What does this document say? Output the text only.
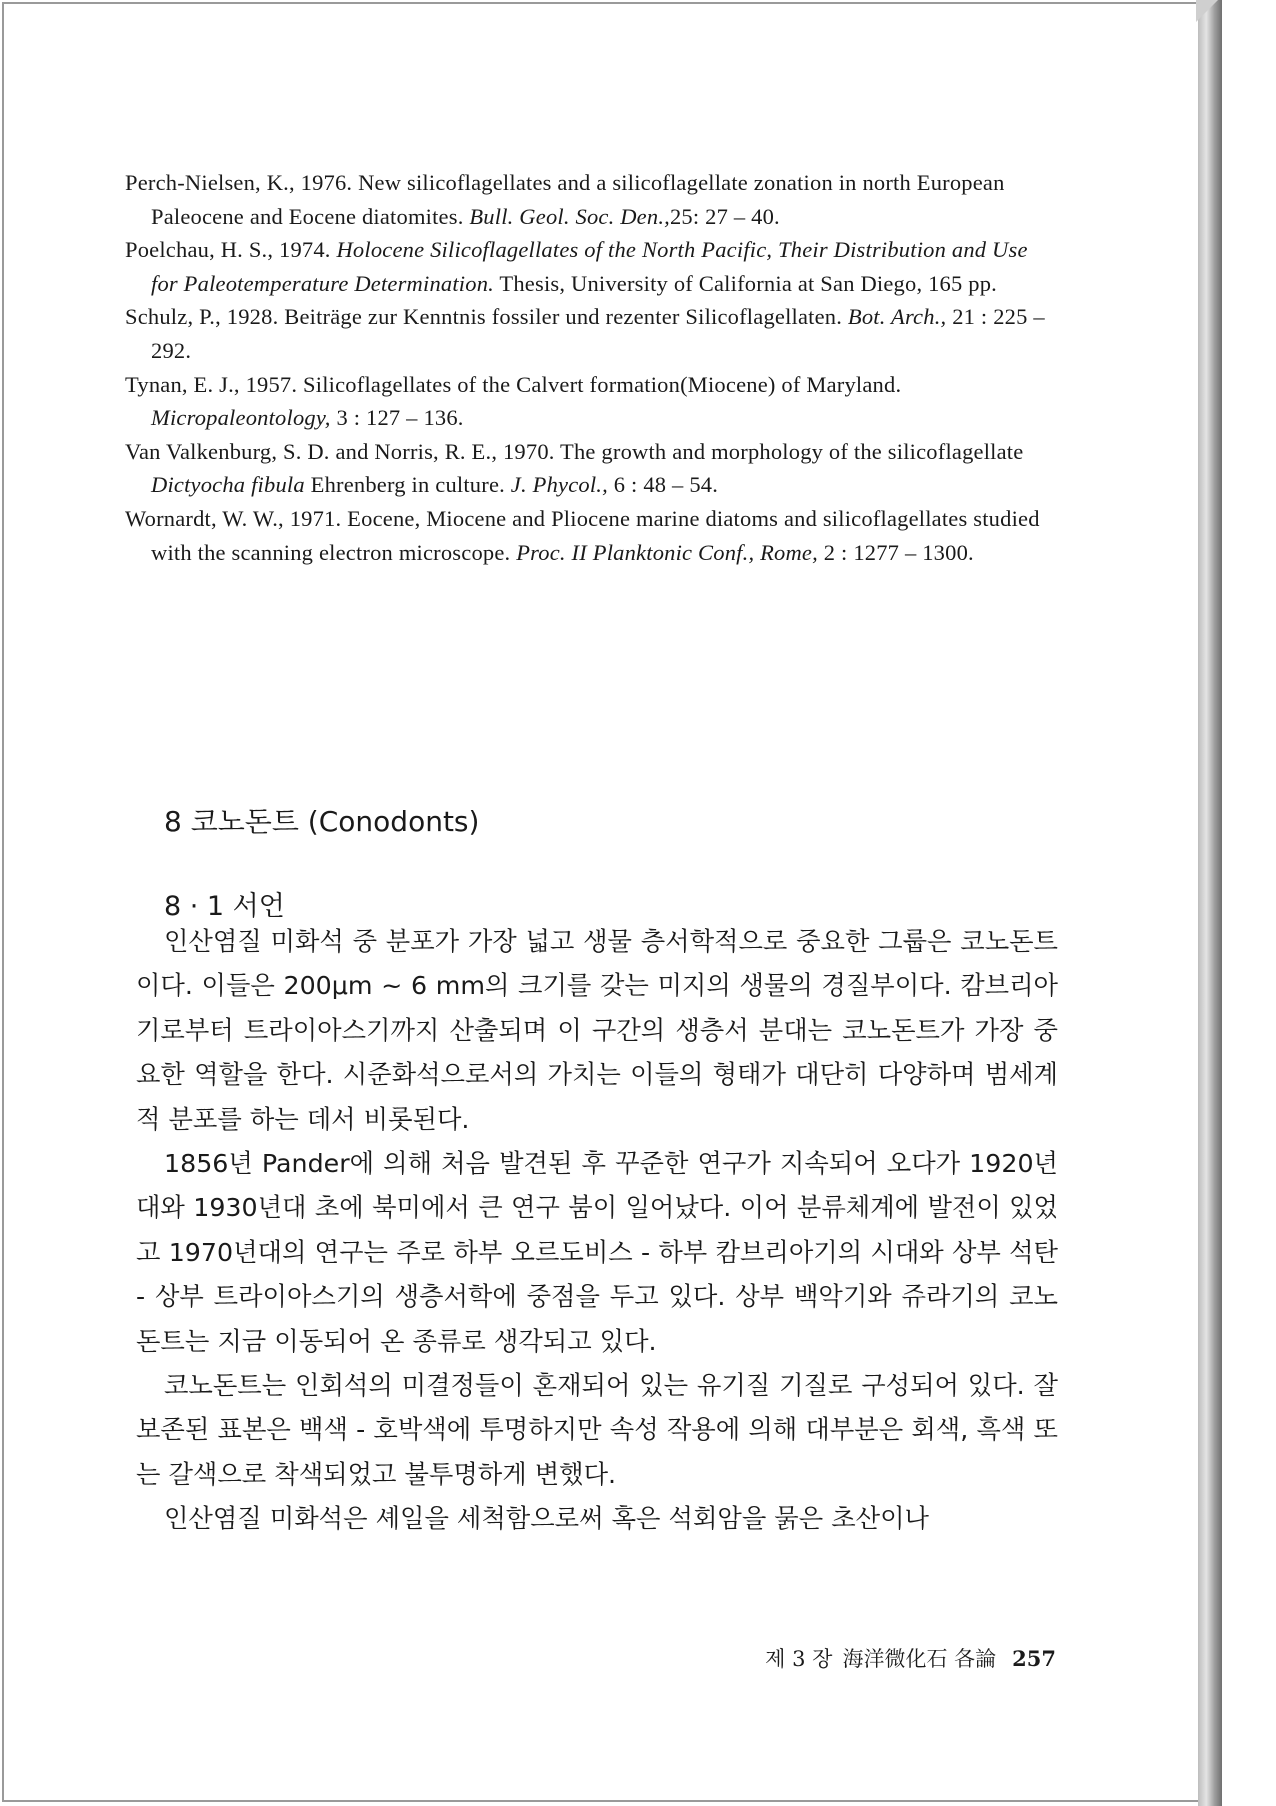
Perch-Nielsen, K., 1976. New silicoflagellates and a silicoflagellate zonation in north European Paleocene and Eocene diatomites. Bull. Geol. Soc. Den.,25: 27 – 40.

Poelchau, H. S., 1974. Holocene Silicoflagellates of the North Pacific, Their Distribution and Use for Paleotemperature Determination. Thesis, University of California at San Diego, 165 pp.

Schulz, P., 1928. Beiträge zur Kenntnis fossiler und rezenter Silicoflagellaten. Bot. Arch., 21 : 225 – 292.

Tynan, E. J., 1957. Silicoflagellates of the Calvert formation(Miocene) of Maryland. Micropaleontology, 3 : 127 – 136.

Van Valkenburg, S. D. and Norris, R. E., 1970. The growth and morphology of the silicoflagellate Dictyocha fibula Ehrenberg in culture. J. Phycol., 6 : 48 – 54.

Wornardt, W. W., 1971. Eocene, Miocene and Pliocene marine diatoms and silicoflagellates studied with the scanning electron microscope. Proc. II Planktonic Conf., Rome, 2 : 1277 – 1300.

8 코노돈트 (Conodonts)
8 · 1 서언

인산염질 미화석 중 분포가 가장 넓고 생물 층서학적으로 중요한 그룹은 코노돈트이다. 이들은 200μm ~ 6 mm의 크기를 갖는 미지의 생물의 경질부이다. 캄브리아기로부터 트라이아스기까지 산출되며 이 구간의 생층서 분대는 코노돈트가 가장 중요한 역할을 한다. 시준화석으로서의 가치는 이들의 형태가 대단히 다양하며 범세계적 분포를 하는 데서 비롯된다.

1856년 Pander에 의해 처음 발견된 후 꾸준한 연구가 지속되어 오다가 1920년대와 1930년대 초에 북미에서 큰 연구 붐이 일어났다. 이어 분류체계에 발전이 있었고 1970년대의 연구는 주로 하부 오르도비스 - 하부 캄브리아기의 시대와 상부 석탄 - 상부 트라이아스기의 생층서학에 중점을 두고 있다. 상부 백악기와 쥬라기의 코노돈트는 지금 이동되어 온 종류로 생각되고 있다.

코노돈트는 인회석의 미결정들이 혼재되어 있는 유기질 기질로 구성되어 있다. 잘 보존된 표본은 백색 - 호박색에 투명하지만 속성 작용에 의해 대부분은 회색, 흑색 또는 갈색으로 착색되었고 불투명하게 변했다.

인산염질 미화석은 셰일을 세척함으로써 혹은 석회암을 묽은 초산이나

제 3 장 海洋微化石 各論 257
